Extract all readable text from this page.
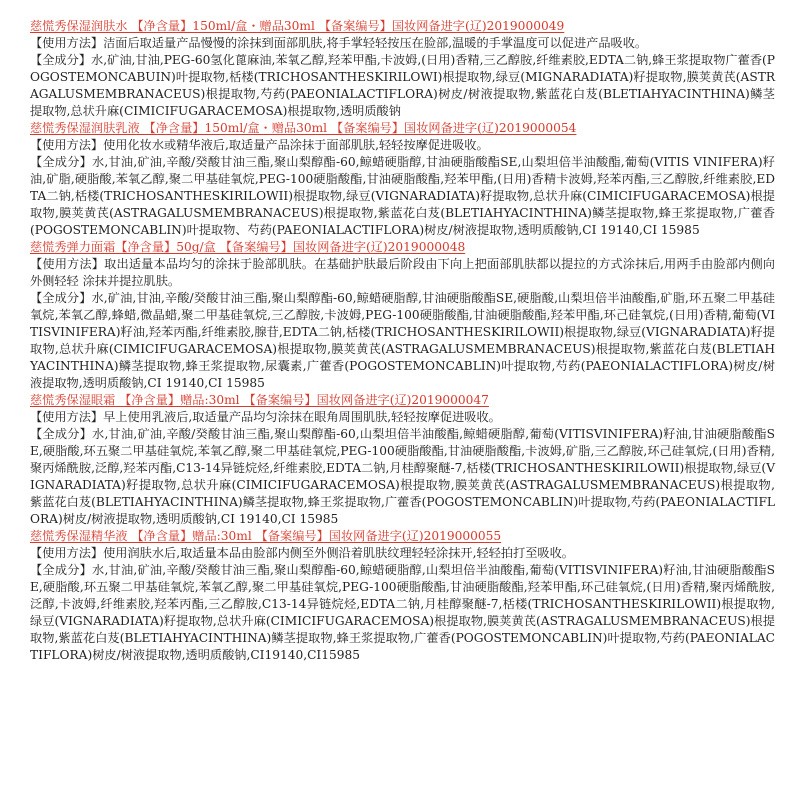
慈慌秀保湿润肤水 【净含量】150ml/盒・赠品30ml 【备案编号】国妆网备进字(辽)2019000049

【使用方法】洁面后取适量产品慢慢的涂抹到面部肌肤,将手掌轻轻按压在脸部,温暖的手掌温度可以促进产品吸收。

【全成分】水,矿油,甘油,PEG-60氢化蓖麻油,苯氧乙醇,羟苯甲酯,卡波姆,(日用)香精,三乙醇胺,纤维素胶,EDTA二钠,蜂王浆提取物广藿香(POGOSTEMONCABUIN)叶提取物,栝楼(TRICHOSANTHESKIRILOWI)根提取物,绿豆(MIGNARADIATA)籽提取物,膜荚黄芪(ASTRAGALUSMEMBRANACEUS)根提取物,芍药(PAEONIALACTIFLORA)树皮/树液提取物,紫蓝花白芨(BLETIAHYACINTHINA)鳞茎提取物,总状升麻(CIMICIFUGARACEMOSA)根提取物,透明质酸钠

慈慌秀保湿润肤乳液 【净含量】150ml/盒・赠品30ml 【备案编号】国妆网备进字(辽)2019000054

【使用方法】使用化妆水或精华液后,取适量产品涂抹于面部肌肤,轻轻按摩促进吸收。

【全成分】水,甘油,矿油,辛酸/癸酸甘油三酯,聚山梨醇酯-60,鲸蜡硬脂醇,甘油硬脂酸酯SE,山梨坦倍半油酸酯,葡萄(VITIS VINIFERA)籽油,矿脂,硬脂酸,苯氧乙醇,聚二甲基硅氧烷,PEG-100硬脂酸酯,甘油硬脂酸酯,羟苯甲酯,(日用)香精卡波姆,羟苯丙酯,三乙醇胺,纤维素胶,EDTA二钠,栝楼(TRICHOSANTHESKIRILOWII)根提取物,绿豆(VIGNARADIATA)籽提取物,总状升麻(CIMICIFUGARACEMOSA)根提取物,膜荚黄芪(ASTRAGALUSMEMBRANACEUS)根提取物,紫蓝花白芨(BLETIAHYACINTHINA)鳞茎提取物,蜂王浆提取物,广藿香(POGOSTEMONCABLIN)叶提取物、芍药(PAEONIALACTIFLORA)树皮/树液提取物,透明质酸钠,CI 19140,CI 15985

慈慌秀弹力面霜【净含量】50g/盒 【备案编号】国妆网备进字(辽)2019000048

【使用方法】取出适量本品均匀的涂抹于脸部肌肤。在基础护肤最后阶段由下向上把面部肌肤都以提拉的方式涂抹后,用两手由脸部内侧向外侧轻轻 涂抹并提拉肌肤。

【全成分】水,矿油,甘油,辛酸/癸酸甘油三酯,聚山梨醇酯-60,鲸蜡硬脂醇,甘油硬脂酸酯SE,硬脂酸,山梨坦倍半油酸酯,矿脂,环五聚二甲基硅氧烷,苯氧乙醇,蜂蜡,微晶蜡,聚二甲基硅氧烷,三乙醇胺,卡波姆,PEG-100硬脂酸酯,甘油硬脂酸酯,羟苯甲酯,环己硅氧烷,(日用)香精,葡萄(VITISVINIFERA)籽油,羟苯丙酯,纤维素胶,腺苷,EDTA二钠,栝楼(TRICHOSANTHESKIRILOWII)根提取物,绿豆(VIGNARADIATA)籽提取物,总状升麻(CIMICIFUGARACEMOSA)根提取物,膜荚黄芪(ASTRAGALUSMEMBRANACEUS)根提取物,紫蓝花白芨(BLETIAHYACINTHINA)鳞茎提取物,蜂王浆提取物,尿囊素,广藿香(POGOSTEMONCABLIN)叶提取物,芍药(PAEONIALACTIFLORA)树皮/树液提取物,透明质酸钠,CI 19140,CI 15985

慈慌秀保湿眼霜 【净含量】赠品:30ml 【备案编号】国妆网备进字(辽)2019000047

【使用方法】早上使用乳液后,取适量产品均匀涂抹在眼角周围肌肤,轻轻按摩促进吸收。

【全成分】水,甘油,矿油,辛酸/癸酸甘油三酯,聚山梨醇酯-60,山梨坦倍半油酸酯,鲸蜡硬脂醇,葡萄(VITISVINIFERA)籽油,甘油硬脂酸酯SE,硬脂酸,环五聚二甲基硅氧烷,苯氧乙醇,聚二甲基硅氧烷,PEG-100硬脂酸酯,甘油硬脂酸酯,卡波姆,矿脂,三乙醇胺,环己硅氧烷,(日用)香精,聚丙烯酰胺,泛醇,羟苯丙酯,C13-14异链烷烃,纤维素胶,EDTA二钠,月桂醇聚醚-7,栝楼(TRICHOSANTHESKIRILOWII)根提取物,绿豆(VIGNARADIATA)籽提取物,总状升麻(CIMICIFUGARACEMOSA)根提取物,膜荚黄芪(ASTRAGALUSMEMBRANACEUS)根提取物,紫蓝花白芨(BLETIAHYACINTHINA)鳞茎提取物,蜂王浆提取物,广藿香(POGOSTEMONCABLIN)叶提取物,芍药(PAEONIALACTIFLORA)树皮/树液提取物,透明质酸钠,CI 19140,CI 15985

慈慌秀保湿精华液 【净含量】赠品:30ml 【备案编号】国妆网备进字(辽)2019000055

【使用方法】使用润肤水后,取适量本品由脸部内侧至外侧沿着肌肤纹理轻轻涂抹开,轻轻拍打至吸收。

【全成分】水,甘油,矿油,辛酸/癸酸甘油三酯,聚山梨醇酯-60,鲸蜡硬脂醇,山梨坦倍半油酸酯,葡萄(VITISVINIFERA)籽油,甘油硬脂酸酯SE,硬脂酸,环五聚二甲基硅氧烷,苯氧乙醇,聚二甲基硅氧烷,PEG-100硬脂酸酯,甘油硬脂酸酯,羟苯甲酯,环己硅氧烷,(日用)香精,聚丙烯酰胺,泛醇,卡波姆,纤维素胶,羟苯丙酯,三乙醇胺,C13-14异链烷烃,EDTA二钠,月桂醇聚醚-7,栝楼(TRICHOSANTHESKIRILOWII)根提取物,绿豆(VIGNARADIATA)籽提取物,总状升麻(CIMICIFUGARACEMOSA)根提取物,膜荚黄芪(ASTRAGALUSMEMBRANACEUS)根提取物,紫蓝花白芨(BLETIAHYACINTHINA)鳞茎提取物,蜂王浆提取物,广藿香(POGOSTEMONCABLIN)叶提取物,芍药(PAEONIALACTIFLORA)树皮/树液提取物,透明质酸钠,CI19140,CI15985
